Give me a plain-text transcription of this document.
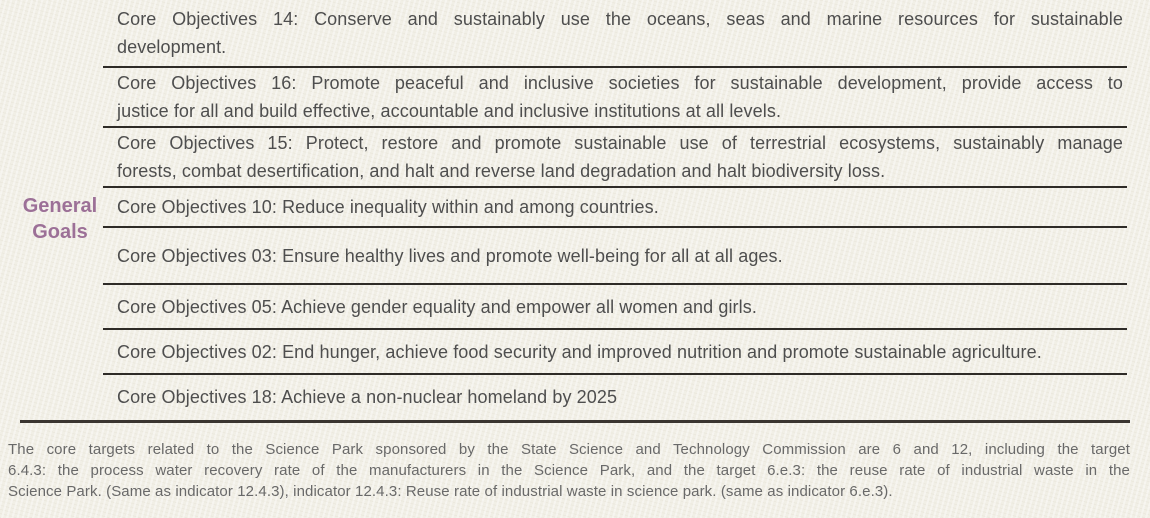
General Goals
Core Objectives 14: Conserve and sustainably use the oceans, seas and marine resources for sustainable
development.
Core Objectives 16: Promote peaceful and inclusive societies for sustainable development, provide access to
justice for all and build effective, accountable and inclusive institutions at all levels.
Core Objectives 15: Protect, restore and promote sustainable use of terrestrial ecosystems, sustainably manage
forests, combat desertification, and halt and reverse land degradation and halt biodiversity loss.
Core Objectives 10: Reduce inequality within and among countries.
Core Objectives 03: Ensure healthy lives and promote well-being for all at all ages.
Core Objectives 05: Achieve gender equality and empower all women and girls.
Core Objectives 02: End hunger, achieve food security and improved nutrition and promote sustainable agriculture.
Core Objectives 18: Achieve a non-nuclear homeland by 2025
The core targets related to the Science Park sponsored by the State Science and Technology Commission are 6 and 12, including the target
6.4.3: the process water recovery rate of the manufacturers in the Science Park, and the target 6.e.3: the reuse rate of industrial waste in the
Science Park. (Same as indicator 12.4.3), indicator 12.4.3: Reuse rate of industrial waste in science park. (same as indicator 6.e.3).
